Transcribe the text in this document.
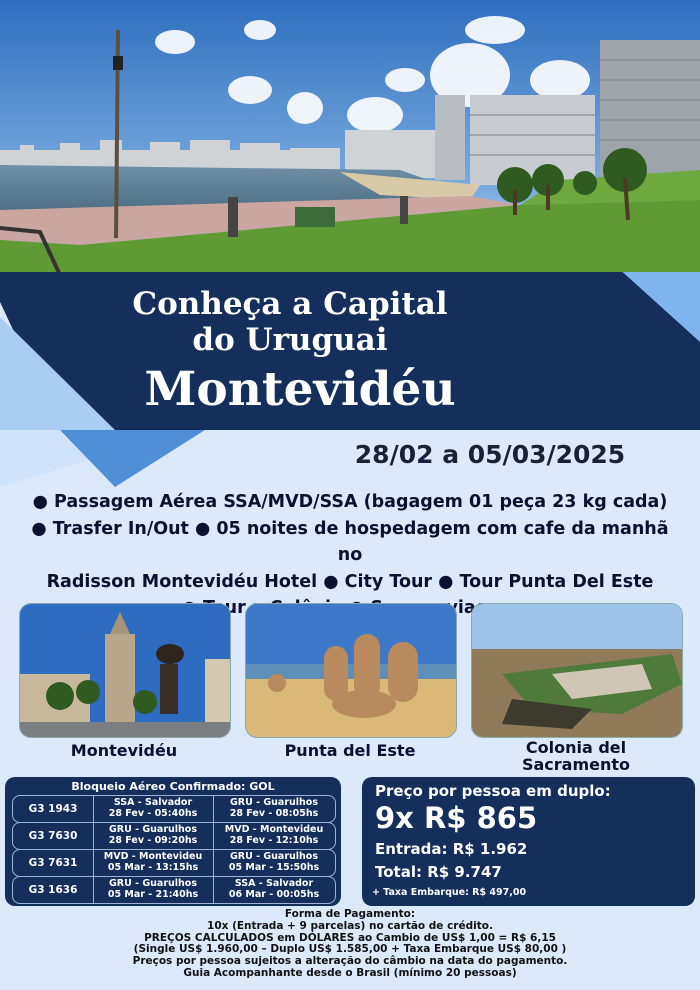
Conheça a Capital
do Uruguai
Montevidéu
28/02 a 05/03/2025
● Passagem Aérea SSA/MVD/SSA (bagagem 01 peça 23 kg cada)
● Trasfer In/Out ● 05 noites de hospedagem com cafe da manhã no
Radisson Montevidéu Hotel ● City Tour ● Tour Punta Del Este
Montevidéu	Punta del Este	Colonia del
Sacramento
Bloqueio Aéreo Confirmado: GOL
G3 1943
SSA - Salvador
28 Fev - 05:40hs
GRU - Guarulhos
28 Fev - 08:05hs
G3 7630
GRU - Guarulhos
28 Fev - 09:20hs
MVD - Montevideu
28 Fev - 12:10hs
G3 7631
MVD - Montevideu
05 Mar - 13:15hs
GRU - Guarulhos
05 Mar - 15:50hs
G3 1636
GRU - Guarulhos
05 Mar - 21:40hs
SSA - Salvador
06 Mar - 00:05hs
Preço por pessoa em duplo:
9x R$ 865
Entrada: R$ 1.962
Total: R$ 9.747
+ Taxa Embarque: R$ 497,00
Forma de Pagamento:
10x (Entrada + 9 parcelas) no cartão de crédito.
PREÇOS CALCULADOS em DÓLARES ao Cambio de US$ 1,00 = R$ 6,15
(Single US$ 1.960,00 – Duplo US$ 1.585,00 + Taxa Embarque US$ 80,00 )
Preços por pessoa sujeitos a alteração do câmbio na data do pagamento.
Guia Acompanhante desde o Brasil (mínimo 20 pessoas)
